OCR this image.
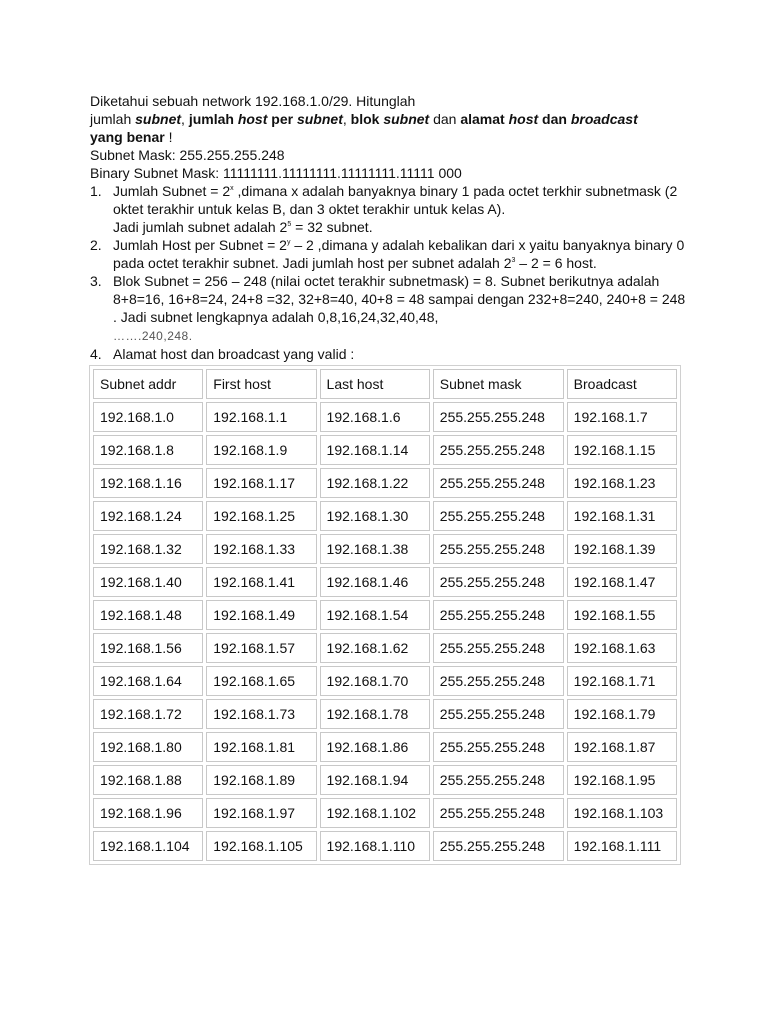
Diketahui sebuah network 192.168.1.0/29. Hitunglah

jumlah subnet, jumlah host per subnet, blok subnet dan alamat host dan broadcast

yang benar !

Subnet Mask: 255.255.255.248

Binary Subnet Mask: 11111111.11111111.11111111.11111 000

1. Jumlah Subnet = $2^x$ ,dimana x adalah banyaknya binary 1 pada octet terkhir subnetmask (2 oktet terakhir untuk kelas B, dan 3 oktet terakhir untuk kelas A).
Jadi jumlah subnet adalah $2^5 = 32$ subnet.
2. Jumlah Host per Subnet = $2^y - 2$ ,dimana y adalah kebalikan dari x yaitu banyaknya binary 0 pada octet terakhir subnet. Jadi jumlah host per subnet adalah $2^3 - 2 = 6$ host.
3. Blok Subnet = 256 – 248 (nilai octet terakhir subnetmask) = 8. Subnet berikutnya adalah 8+8=16, 16+8=24, 24+8 =32, 32+8=40, 40+8 = 48 sampai dengan 232+8=240, 240+8 = 248 . Jadi subnet lengkapnya adalah 0,8,16,24,32,40,48,
…….240,248.
4. Alamat host dan broadcast yang valid :
Subnet addr	First host	Last host	Subnet mask	Broadcast
192.168.1.0	192.168.1.1	192.168.1.6	255.255.255.248	192.168.1.7
192.168.1.8	192.168.1.9	192.168.1.14	255.255.255.248	192.168.1.15
192.168.1.16	192.168.1.17	192.168.1.22	255.255.255.248	192.168.1.23
192.168.1.24	192.168.1.25	192.168.1.30	255.255.255.248	192.168.1.31
192.168.1.32	192.168.1.33	192.168.1.38	255.255.255.248	192.168.1.39
192.168.1.40	192.168.1.41	192.168.1.46	255.255.255.248	192.168.1.47
192.168.1.48	192.168.1.49	192.168.1.54	255.255.255.248	192.168.1.55
192.168.1.56	192.168.1.57	192.168.1.62	255.255.255.248	192.168.1.63
192.168.1.64	192.168.1.65	192.168.1.70	255.255.255.248	192.168.1.71
192.168.1.72	192.168.1.73	192.168.1.78	255.255.255.248	192.168.1.79
192.168.1.80	192.168.1.81	192.168.1.86	255.255.255.248	192.168.1.87
192.168.1.88	192.168.1.89	192.168.1.94	255.255.255.248	192.168.1.95
192.168.1.96	192.168.1.97	192.168.1.102	255.255.255.248	192.168.1.103
192.168.1.104	192.168.1.105	192.168.1.110	255.255.255.248	192.168.1.111
